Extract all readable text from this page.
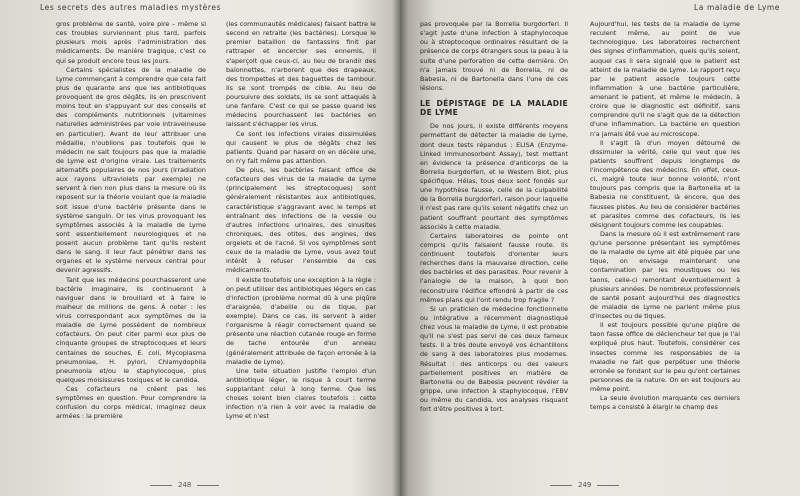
Les secrets des autres maladies mystères

gros problème de santé, voire pire – même si ces troubles surviennent plus tard, parfois plusieurs mois après l'administration des médicaments. De manière tragique, c'est ce qui se produit encore tous les jours.

Certains spécialistes de la maladie de Lyme commençant à comprendre que cela fait plus de quarante ans que les antibiotiques provoquent de gros dégâts, ils en prescrivent moins tout en s'appuyant sur des conseils et des compléments nutritionnels (vitamines naturelles administrées par voie intraveineuse en particulier). Avant de leur attribuer une médaille, n'oublions pas toutefois que le médecin ne sait toujours pas que la maladie de Lyme est d'origine virale. Les traitements alternatifs populaires de nos jours (irradiation aux rayons ultraviolets par exemple) ne servent à rien non plus dans la mesure où ils reposent sur la théorie voulant que la maladie soit issue d'une bactérie présente dans le système sanguin. Or les virus provoquant les symptômes associés à la maladie de Lyme sont essentiellement neurologiques et ne posent aucun problème tant qu'ils restent dans le sang. Il leur faut pénétrer dans les organes et le système nerveux central pour devenir agressifs.

Tant que les médecins pourchasseront une bactérie imaginaire, ils continueront à naviguer dans le brouillard et à faire le malheur de millions de gens. À noter : les virus correspondant aux symptômes de la maladie de Lyme possèdent de nombreux cofacteurs. On peut citer parmi eux plus de cinquante groupes de streptocoques et leurs centaines de souches, E. coli, Mycoplasma pneumoniae, H. pylori, Chlamydophila pneumonia et/ou le staphylocoque, plus quelques moisissures toxiques et le candida.

Ces cofacteurs ne créent pas les symptômes en question. Pour comprendre la confusion du corps médical, imaginez deux armées : la première

(les communautés médicales) faisant battre le second en retraite (les bactéries). Lorsque le premier bataillon de fantassins finit par rattraper et encercler ses ennemis, il s'aperçoit que ceux-ci, au lieu de brandir des baïonnettes, n'arborent que des drapeaux, des trompettes et des baguettes de tambour. Ils se sont trompés de cible. Au lieu de poursuivre des soldats, ils se sont attaqués à une fanfare. C'est ce qui se passe quand les médecins pourchassent les bactéries en laissant s'échapper les virus.

Ce sont les infections virales dissimulées qui causent le plus de dégâts chez les patients. Quand par hasard on en décèle une, on n'y fait même pas attention.

De plus, les bactéries faisant office de cofacteurs des virus de la maladie de Lyme (principalement les streptocoques) sont généralement résistantes aux antibiotiques, caractéristique s'aggravant avec le temps et entraînant des infections de la vessie ou d'autres infections urinaires, des sinusites chroniques, des otites, des angines, des orgelets et de l'acné. Si vos symptômes sont ceux de la maladie de Lyme, vous avez tout intérêt à refuser l'ensemble de ces médicaments.

Il existe toutefois une exception à la règle : on peut utiliser des antibiotiques légers en cas d'infection (problème normal dû à une piqûre d'araignée, d'abeille ou de tique, par exemple). Dans ce cas, ils servent à aider l'organisme à réagir correctement quand se présente une réaction cutanée rouge en forme de tache entourée d'un anneau (généralement attribuée de façon erronée à la maladie de Lyme).

Une telle situation justifie l'emploi d'un antibiotique léger, le risque à court terme supplantant celui à long terme. Que les choses soient bien claires toutefois : cette infection n'a rien à voir avec la maladie de Lyme et n'est

248
La maladie de Lyme

pas provoquée par la Borrelia burgdorferi. Il s'agit juste d'une infection à staphylocoque ou à streptocoque ordinaires résultant de la présence de corps étrangers sous la peau à la suite d'une perforation de cette dernière. On n'a jamais trouvé ni de Borrelia, ni de Babesia, ni de Bartonella dans l'une de ces lésions.

LE DÉPISTAGE DE LA MALADIE DE LYME

De nos jours, il existe différents moyens permettant de détecter la maladie de Lyme, dont deux tests répandus : ELISA (Enzyme-Linked Immunosorbent Assay), test mettant en évidence la présence d'anticorps de la Borrelia burgdorferi, et le Western Blot, plus spécifique. Hélas, tous deux sont fondés sur une hypothèse fausse, celle de la culpabilité de la Borrelia burgdorferi, raison pour laquelle il n'est pas rare qu'ils soient négatifs chez un patient souffrant pourtant des symptômes associés à cette maladie.

Certains laboratoires de pointe ont compris qu'ils faisaient fausse route. Ils continuent toutefois d'orienter leurs recherches dans la mauvaise direction, celle des bactéries et des parasites. Pour revenir à l'analogie de la maison, à quoi bon reconstruire l'édifice effondré à partir de ces mêmes plans qui l'ont rendu trop fragile ?

Si un praticien de médecine fonctionnelle ou intégrative a récemment diagnostiqué chez vous la maladie de Lyme, il est probable qu'il ne s'est pas servi de ces deux fameux tests. Il a très doute envoyé vos échantillons de sang à des laboratoires plus modernes. Résultat : des anticorps ou des valeurs partiellement positives en matière de Bartonella ou de Babesia peuvent révéler la grippe, une infection à staphylocoque, l'EBV ou même du candida, vos analyses risquant fort d'être positives à tort.

Aujourd'hui, les tests de la maladie de Lyme reculent même, au point de vue technologique. Les laboratoires recherchent des signes d'inflammation, quels qu'ils soient, auquel cas il sera signalé que le patient est atteint de la maladie de Lyme. Le rapport reçu par le patient associe toujours cette inflammation à une bactérie particulière, amenant le patient, et même le médecin, à croire que le diagnostic est définitif, sans comprendre qu'il ne s'agit que de la détection d'une inflammation. La bactérie en question n'a jamais été vue au microscope.

Il s'agit là d'un moyen détourné de dissimuler la vérité, celle qui veut que les patients souffrent depuis longtemps de l'incompétence des médecins. En effet, ceux-ci, malgré toute leur bonne volonté, n'ont toujours pas compris que la Bartonella et la Babesia ne constituent, là encore, que des fausses pistes. Au lieu de considérer bactéries et parasites comme des cofacteurs, ils les désignent toujours comme les coupables.

Dans la mesure où il est extrêmement rare qu'une personne présentant les symptômes de la maladie de Lyme ait été piquée par une tique, on envisage maintenant une contamination par les moustiques ou les taons, celle-ci remontant éventuellement à plusieurs années. De nombreux professionnels de santé posant aujourd'hui des diagnostics de maladie de Lyme ne parlent même plus d'insectes ou de tiques.

Il est toujours possible qu'une piqûre de taon fasse office de déclencheur tel que je l'ai expliqué plus haut. Toutefois, considérer ces insectes comme les responsables de la maladie ne fait que perpétuer une théorie erronée se fondant sur le peu qu'ont certaines personnes de la nature. On en est toujours au même point.

La seule évolution marquante ces derniers temps a consisté à élargir le champ des

249
